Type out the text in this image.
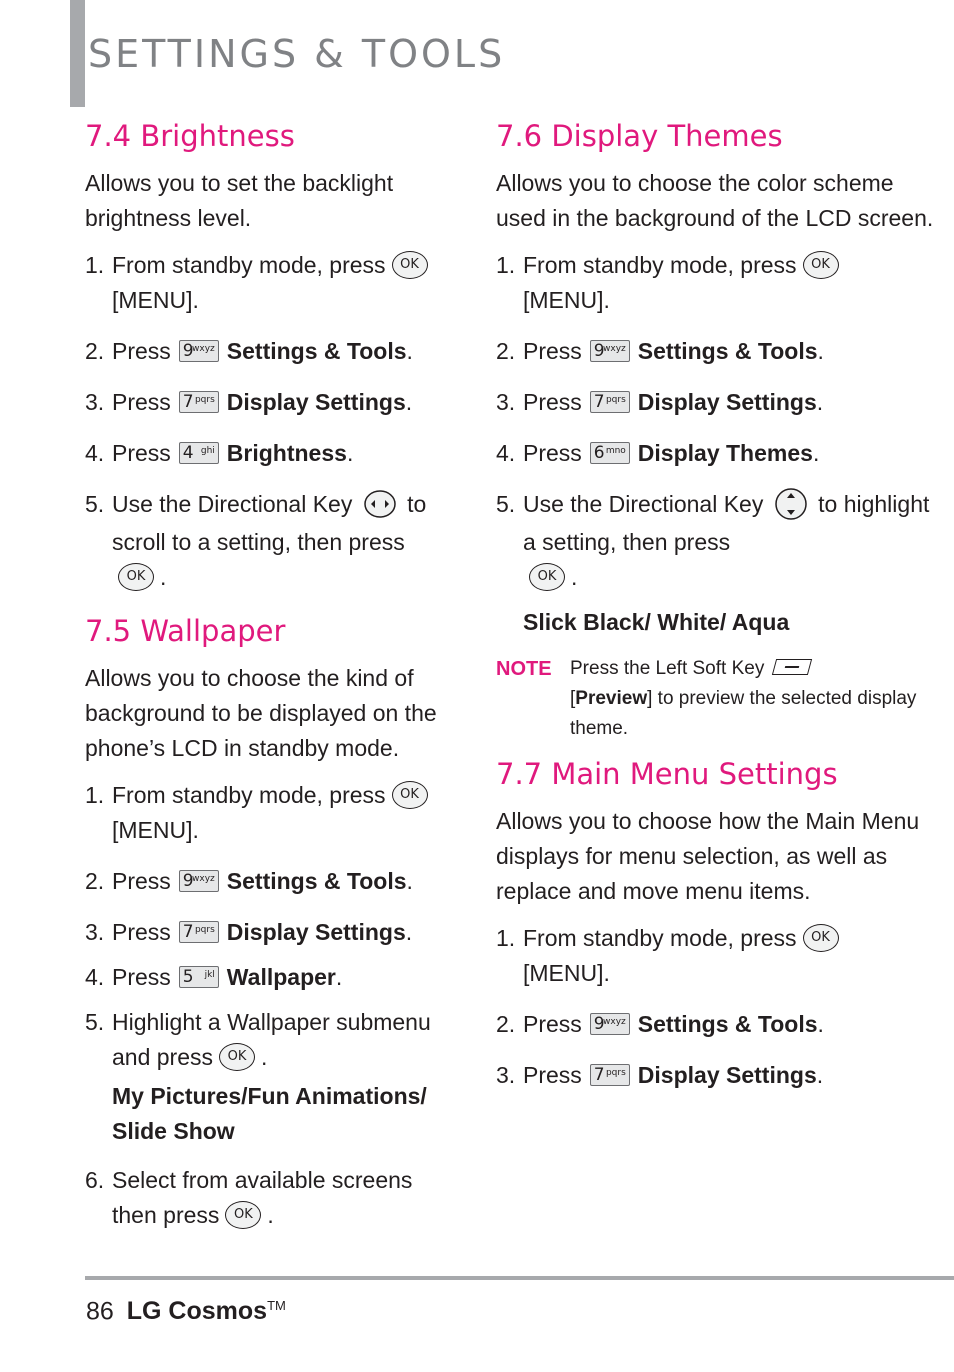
SETTINGS & TOOLS
7.4 Brightness

Allows you to set the backlight brightness level.

1. From standby mode, press OK [MENU].
2. Press 9
wxyz Settings & Tools.
3. Press 7 pqrs Display Settings.
4. Press 4 ghi Brightness.
5. Use the Directional Key to scroll to a setting, then press
OK .
7.5 Wallpaper

Allows you to choose the kind of background to be displayed on the phone’s LCD in standby mode.

1. From standby mode, press OK [MENU].
2. Press 9
wxyz Settings & Tools.
3. Press 7 pqrs Display Settings.
4. Press 5 jkl Wallpaper.
5. Highlight a Wallpaper submenu and press OK .
My Pictures/Fun Animations/ Slide Show
6. Select from available screens then press OK .
7.6 Display Themes

Allows you to choose the color scheme used in the background of the LCD screen.

1. From standby mode, press OK [MENU].
2. Press 9
wxyz Settings & Tools.
3. Press 7 pqrs Display Settings.
4. Press 6 mno Display Themes.
5. Use the Directional Key to highlight a setting, then press
OK .
Slick Black/ White/ Aqua
NOTE Press the Left Soft Key
[Preview] to preview the selected display theme.
7.7 Main Menu Settings

Allows you to choose how the Main Menu displays for menu selection, as well as replace and move menu items.

1. From standby mode, press OK [MENU].
2. Press 9
wxyz Settings & Tools.
3. Press 7 pqrs Display Settings.
86 LG Cosmos™
